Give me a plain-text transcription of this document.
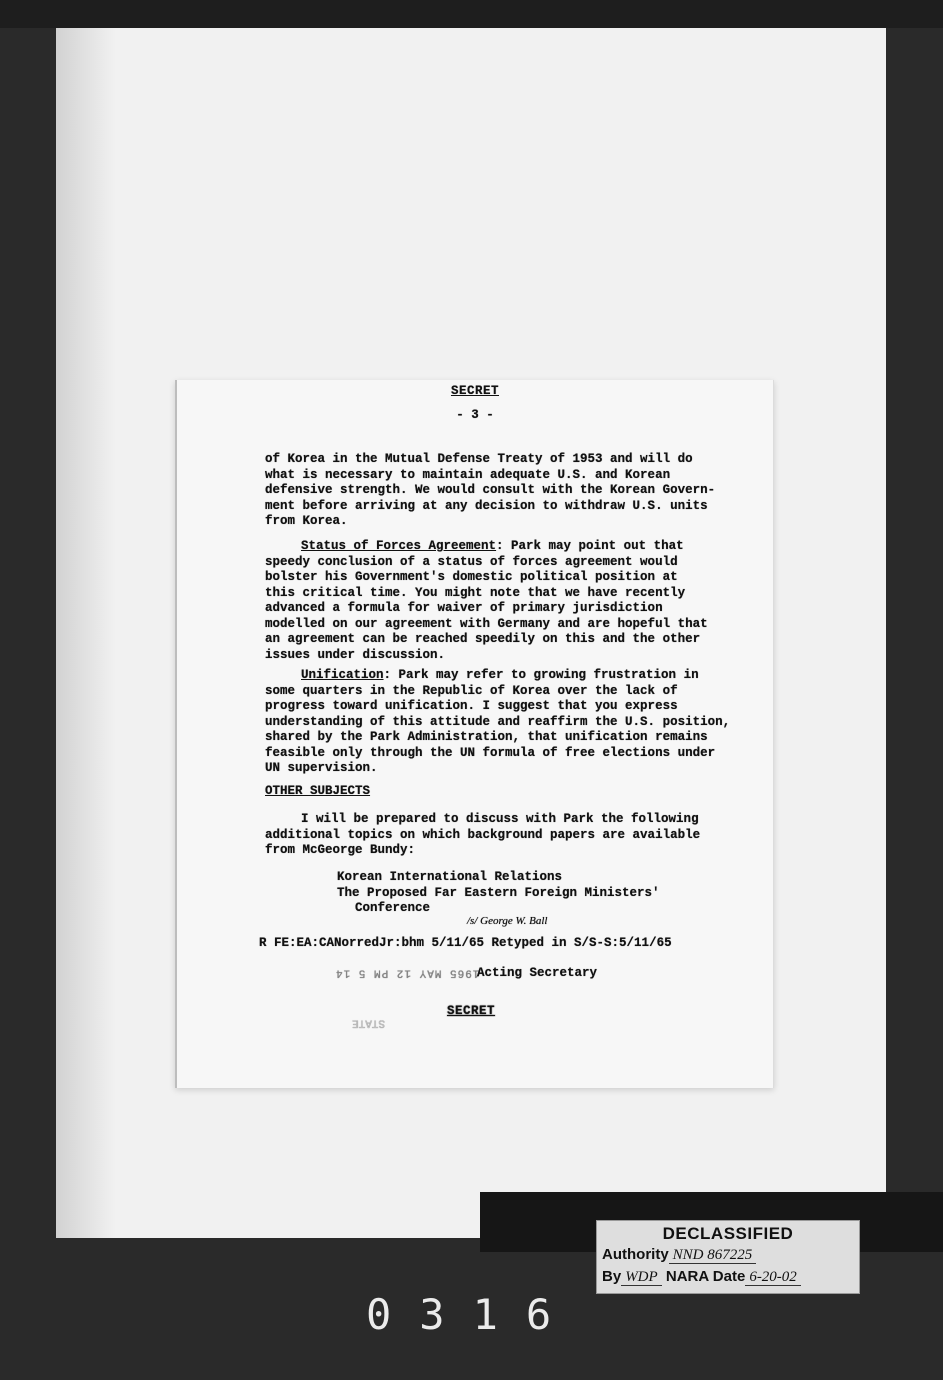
SECRET
- 3 -
of Korea in the Mutual Defense Treaty of 1953 and will do
what is necessary to maintain adequate U.S. and Korean
defensive strength. We would consult with the Korean Govern-
ment before arriving at any decision to withdraw U.S. units
from Korea.
Status of Forces Agreement: Park may point out that
speedy conclusion of a status of forces agreement would
bolster his Government's domestic political position at
this critical time. You might note that we have recently
advanced a formula for waiver of primary jurisdiction
modelled on our agreement with Germany and are hopeful that
an agreement can be reached speedily on this and the other
issues under discussion.
Unification: Park may refer to growing frustration in
some quarters in the Republic of Korea over the lack of
progress toward unification. I suggest that you express
understanding of this attitude and reaffirm the U.S. position,
shared by the Park Administration, that unification remains
feasible only through the UN formula of free elections under
UN supervision.
OTHER SUBJECTS
I will be prepared to discuss with Park the following
additional topics on which background papers are available
from McGeorge Bundy:
Korean International Relations
The Proposed Far Eastern Foreign Ministers'
Conference
/s/ George W. Ball
R FE:EA:CANorredJr:bhm 5/11/65 Retyped in S/S-S:5/11/65
1965 MAY 12 PM 5 14
Acting Secretary
SECRET
STATE
DECLASSIFIED
Authority NND 867225
By WDP NARA Date 6-20-02
0316
